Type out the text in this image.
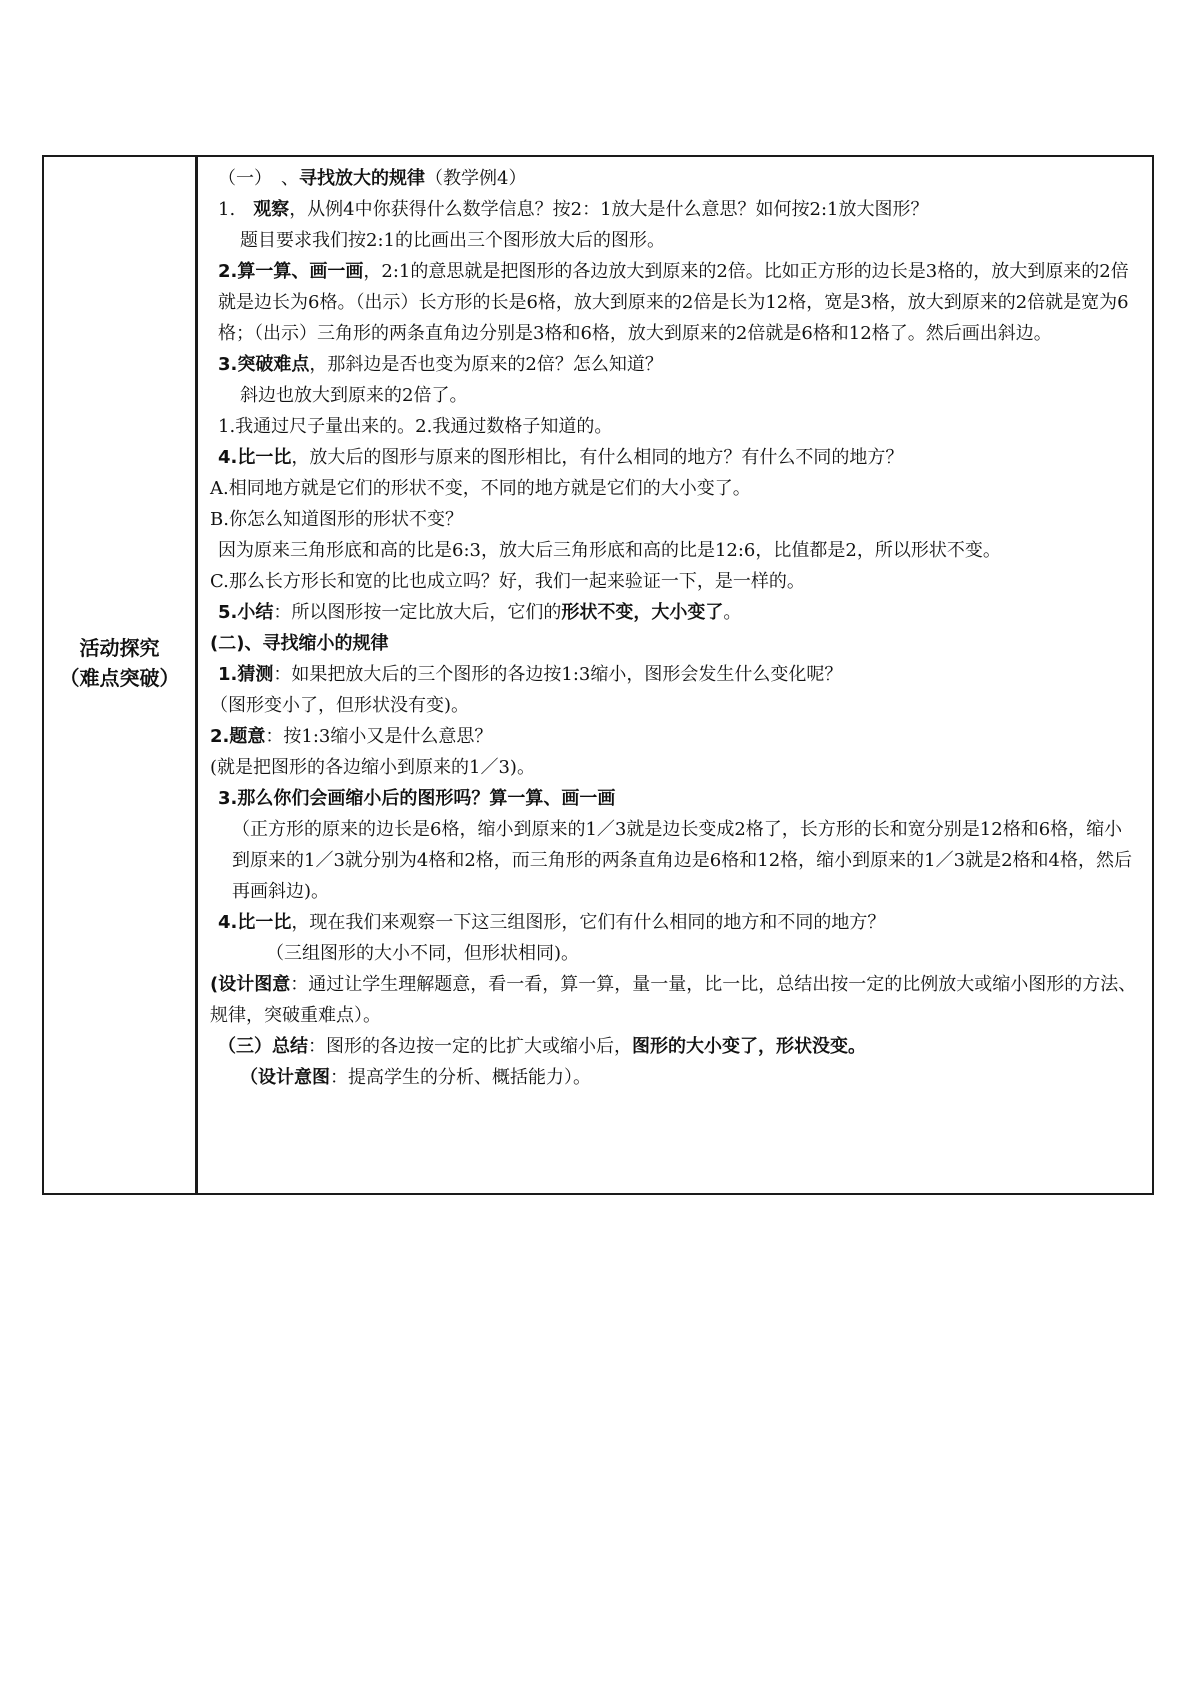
活动探究
（难点突破）
（一）　、寻找放大的规律（教学例4）
1.　观察，从例4中你获得什么数学信息？按2：1放大是什么意思？如何按2:1放大图形？
题目要求我们按2:1的比画出三个图形放大后的图形。
2.算一算、画一画，2:1的意思就是把图形的各边放大到原来的2倍。比如正方形的边长是3格的，放大到原来的2倍就是边长为6格。（出示）长方形的长是6格，放大到原来的2倍是长为12格，宽是3格，放大到原来的2倍就是宽为6格；（出示）三角形的两条直角边分别是3格和6格，放大到原来的2倍就是6格和12格了。然后画出斜边。
3.突破难点，那斜边是否也变为原来的2倍？怎么知道？
斜边也放大到原来的2倍了。
1.我通过尺子量出来的。2.我通过数格子知道的。
4.比一比，放大后的图形与原来的图形相比，有什么相同的地方？有什么不同的地方？
A.相同地方就是它们的形状不变，不同的地方就是它们的大小变了。
B.你怎么知道图形的形状不变？
因为原来三角形底和高的比是6:3，放大后三角形底和高的比是12:6，比值都是2，所以形状不变。
C.那么长方形长和宽的比也成立吗？好，我们一起来验证一下，是一样的。
5.小结：所以图形按一定比放大后，它们的形状不变，大小变了。
(二)、寻找缩小的规律
1.猜测：如果把放大后的三个图形的各边按1:3缩小，图形会发生什么变化呢？
（图形变小了，但形状没有变)。
2.题意：按1:3缩小又是什么意思？
(就是把图形的各边缩小到原来的1／3)。
3.那么你们会画缩小后的图形吗？算一算、画一画
（正方形的原来的边长是6格，缩小到原来的1／3就是边长变成2格了，长方形的长和宽分别是12格和6格，缩小到原来的1／3就分别为4格和2格，而三角形的两条直角边是6格和12格，缩小到原来的1／3就是2格和4格，然后再画斜边)。
4.比一比，现在我们来观察一下这三组图形，它们有什么相同的地方和不同的地方？
（三组图形的大小不同，但形状相同)。
(设计图意：通过让学生理解题意，看一看，算一算，量一量，比一比，总结出按一定的比例放大或缩小图形的方法、规律，突破重难点）。
（三）总结：图形的各边按一定的比扩大或缩小后，图形的大小变了，形状没变。
（设计意图：提高学生的分析、概括能力）。
